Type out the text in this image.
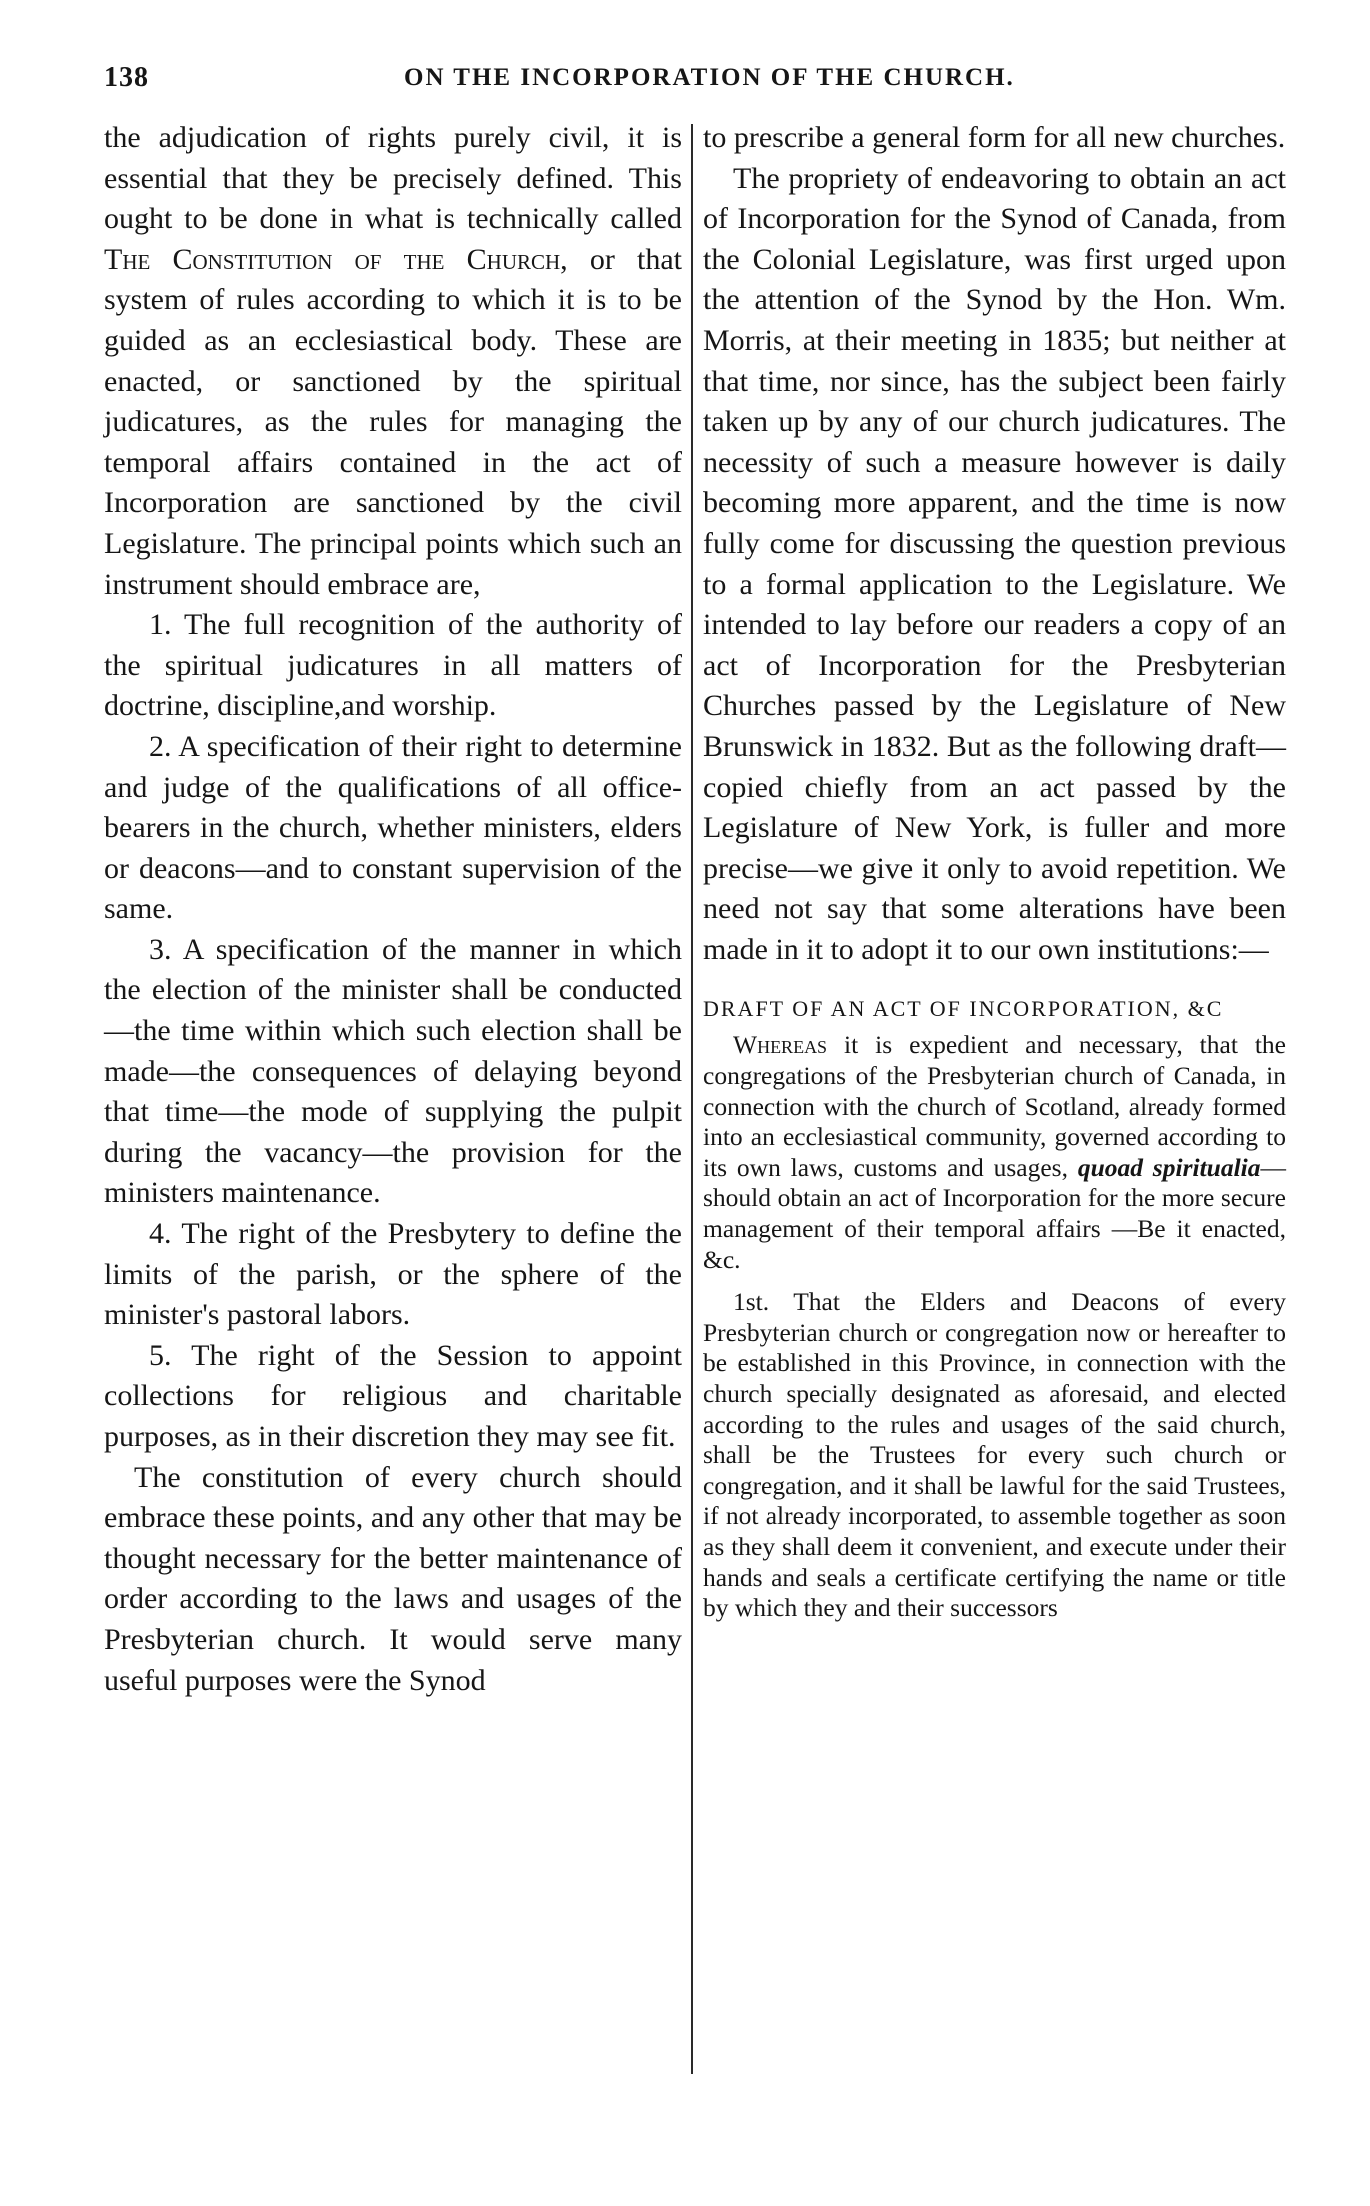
138	ON THE INCORPORATION OF THE CHURCH.

the adjudication of rights purely civil, it is essential that they be precisely defined. This ought to be done in what is technically called The Constitution of the Church, or that system of rules according to which it is to be guided as an ecclesiastical body. These are enacted, or sanctioned by the spiritual judicatures, as the rules for managing the temporal affairs contained in the act of Incorporation are sanctioned by the civil Legislature. The principal points which such an instrument should embrace are,

1. The full recognition of the authority of the spiritual judicatures in all matters of doctrine, discipline,and worship.

2. A specification of their right to determine and judge of the qualifications of all office-bearers in the church, whether ministers, elders or deacons—and to constant supervision of the same.

3. A specification of the manner in which the election of the minister shall be conducted—the time within which such election shall be made—the consequences of delaying beyond that time—the mode of supplying the pulpit during the vacancy—the provision for the ministers maintenance.

4. The right of the Presbytery to define the limits of the parish, or the sphere of the minister's pastoral labors.

5. The right of the Session to appoint collections for religious and charitable purposes, as in their discretion they may see fit.

The constitution of every church should embrace these points, and any other that may be thought necessary for the better maintenance of order according to the laws and usages of the Presbyterian church. It would serve many useful purposes were the Synod

to prescribe a general form for all new churches.

The propriety of endeavoring to obtain an act of Incorporation for the Synod of Canada, from the Colonial Legislature, was first urged upon the attention of the Synod by the Hon. Wm. Morris, at their meeting in 1835; but neither at that time, nor since, has the subject been fairly taken up by any of our church judicatures. The necessity of such a measure however is daily becoming more apparent, and the time is now fully come for discussing the question previous to a formal application to the Legislature. We intended to lay before our readers a copy of an act of Incorporation for the Presbyterian Churches passed by the Legislature of New Brunswick in 1832. But as the following draft—copied chiefly from an act passed by the Legislature of New York, is fuller and more precise—we give it only to avoid repetition. We need not say that some alterations have been made in it to adopt it to our own institutions:—

DRAFT OF AN ACT OF INCORPORATION, &C

Whereas it is expedient and necessary, that the congregations of the Presbyterian church of Canada, in connection with the church of Scotland, already formed into an ecclesiastical community, governed according to its own laws, customs and usages, quoad spiritualia—should obtain an act of Incorporation for the more secure management of their temporal affairs —Be it enacted, &c.

1st. That the Elders and Deacons of every Presbyterian church or congregation now or hereafter to be established in this Province, in connection with the church specially designated as aforesaid, and elected according to the rules and usages of the said church, shall be the Trustees for every such church or congregation, and it shall be lawful for the said Trustees, if not already incorporated, to assemble together as soon as they shall deem it convenient, and execute under their hands and seals a certificate certifying the name or title by which they and their successors
